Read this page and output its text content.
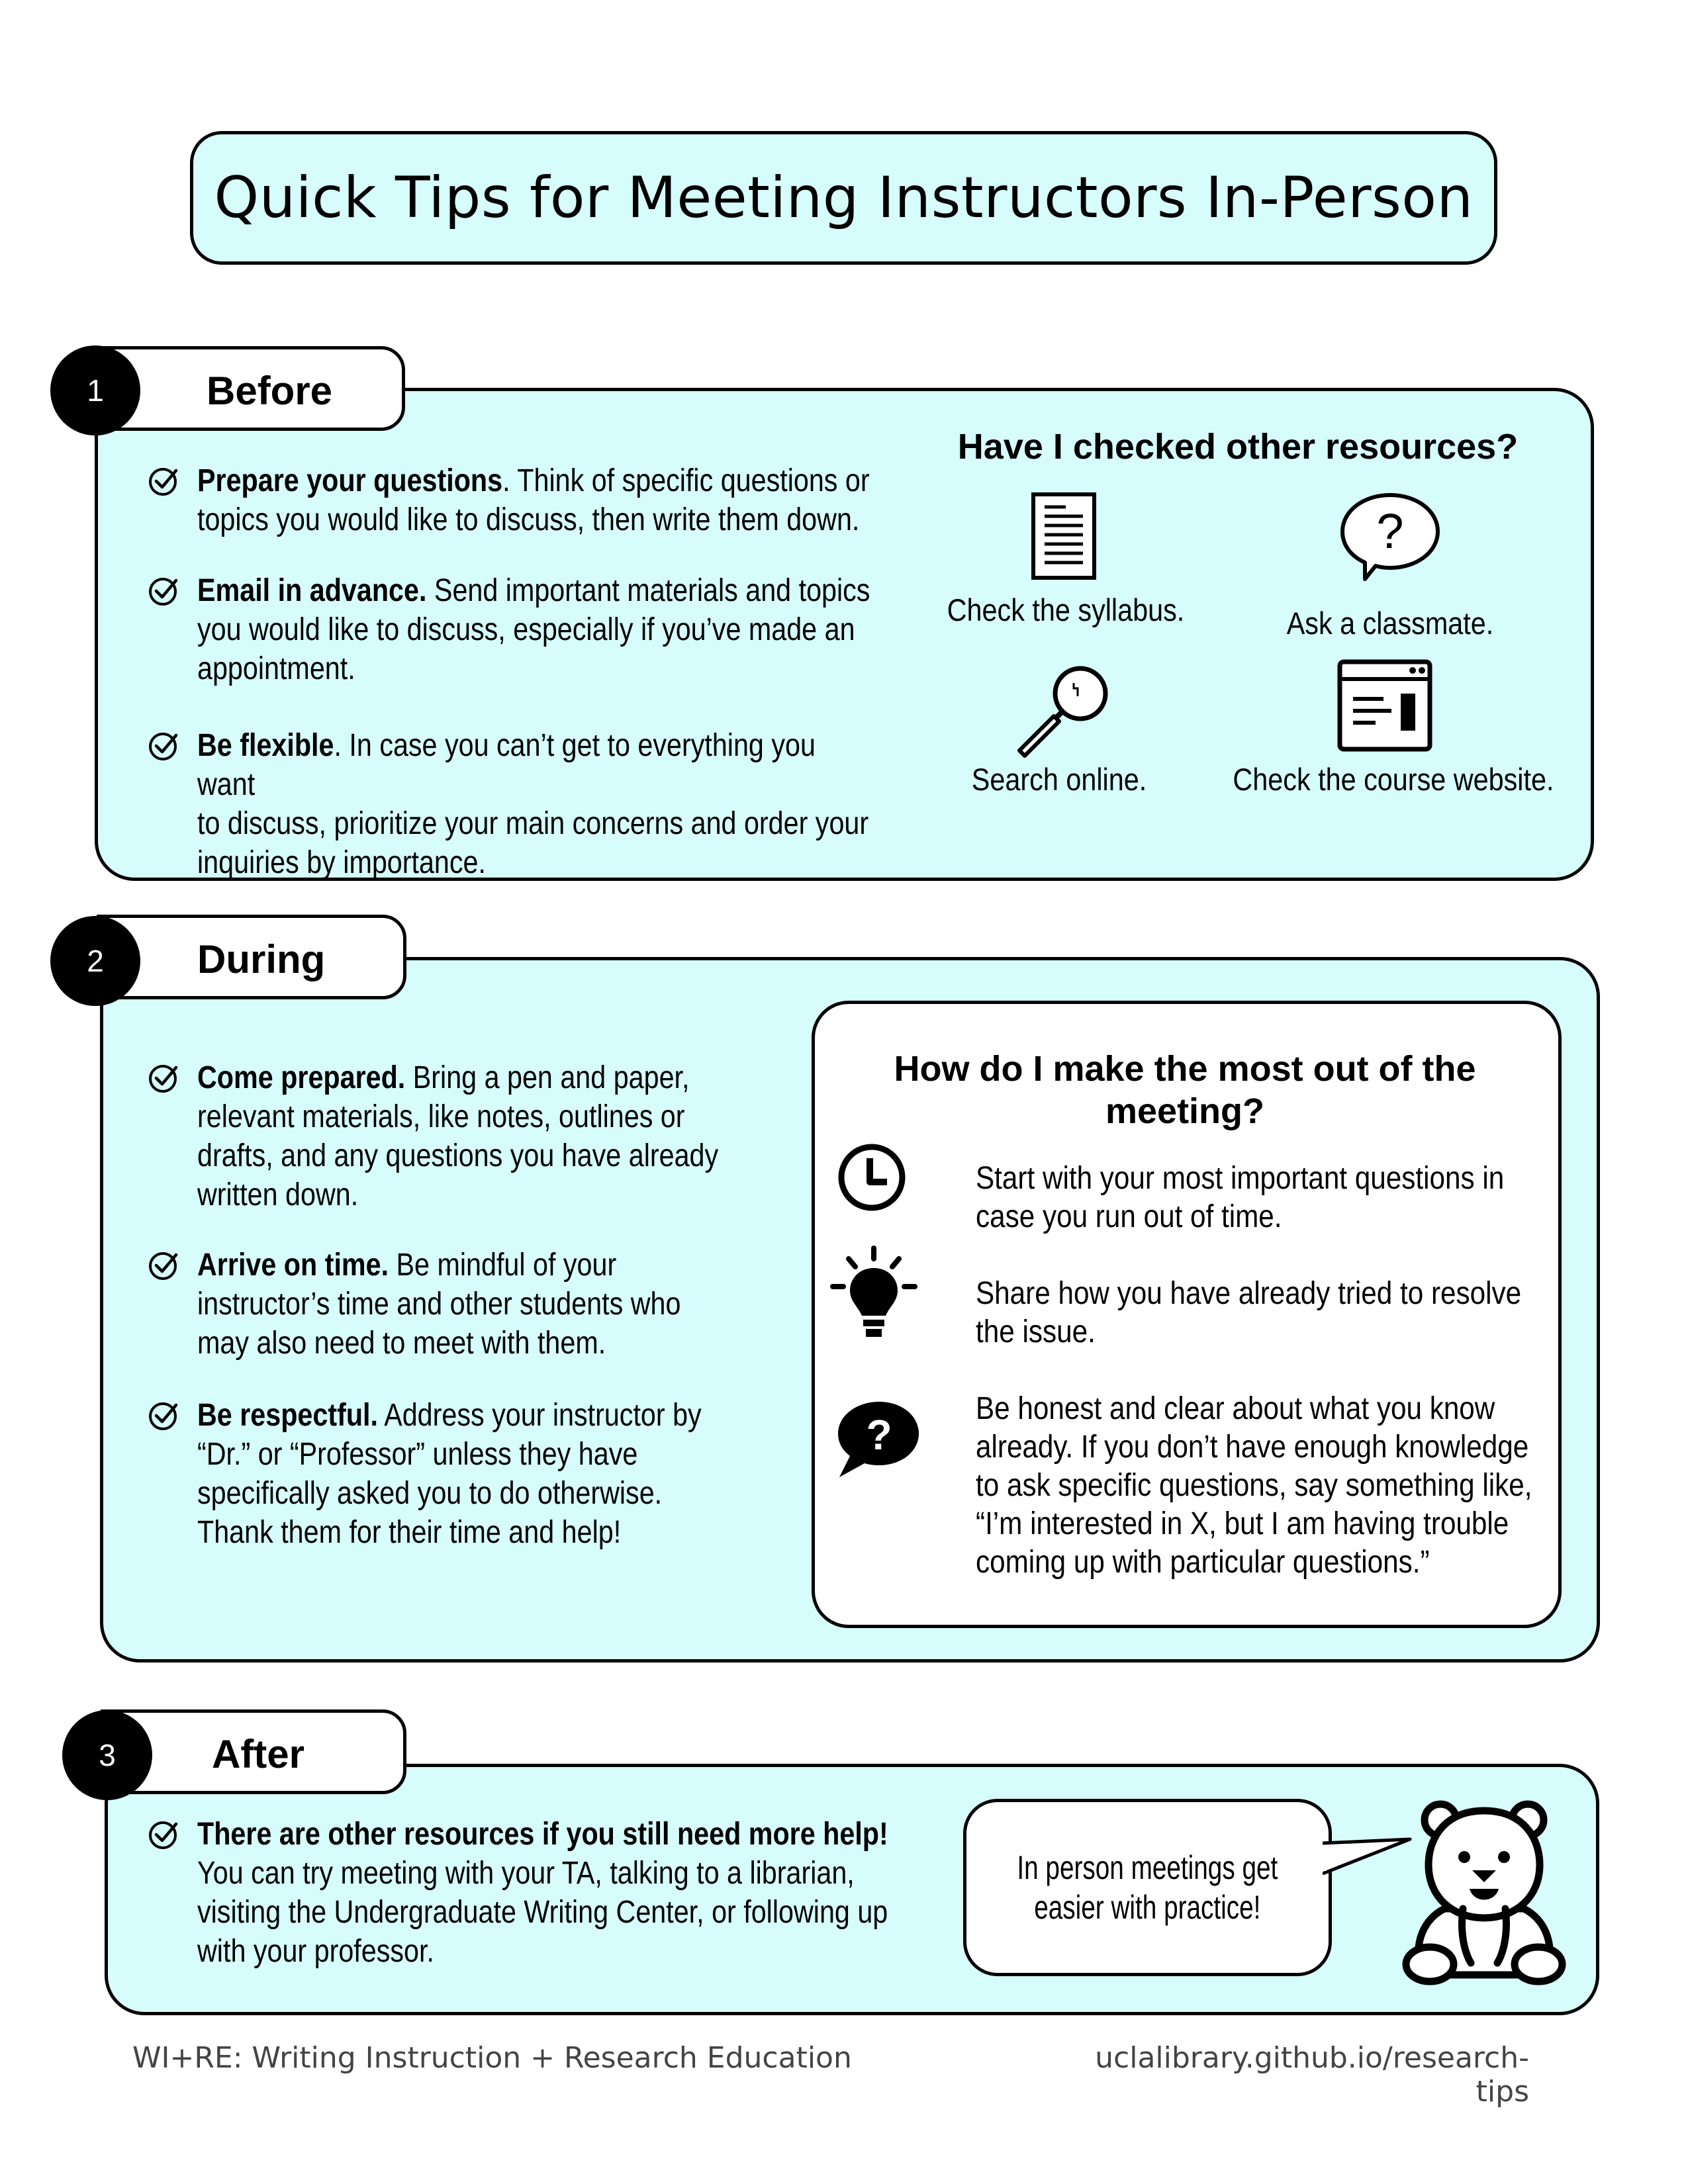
Quick Tips for Meeting Instructors In-Person
Before
1
Prepare your questions. Think of specific questions or
topics you would like to discuss, then write them down.
Email in advance. Send important materials and topics
you would like to discuss, especially if you’ve made an
appointment.
Be flexible. In case you can’t get to everything you want
to discuss, prioritize your main concerns and order your
inquiries by importance.
Have I checked other resources?
Check the syllabus.
?
Ask a classmate.
Search online.	Check the course website.
During
2
Come prepared. Bring a pen and paper,
relevant materials, like notes, outlines or
drafts, and any questions you have already
written down.
Arrive on time. Be mindful of your
instructor’s time and other students who
may also need to meet with them.
Be respectful. Address your instructor by
“Dr.” or “Professor” unless they have
specifically asked you to do otherwise.
Thank them for their time and help!
How do I make the most out of the
meeting?
Start with your most important questions in
case you run out of time.
Share how you have already tried to resolve
the issue.
?
Be honest and clear about what you know
already. If you don’t have enough knowledge
to ask specific questions, say something like,
“I’m interested in X, but I am having trouble
coming up with particular questions.”
After
3
There are other resources if you still need more help!
You can try meeting with your TA, talking to a librarian,
visiting the Undergraduate Writing Center, or following up
with your professor.
In person meetings get
easier with practice!
WI+RE: Writing Instruction + Research Education	uclalibrary.github.io/research-tips
